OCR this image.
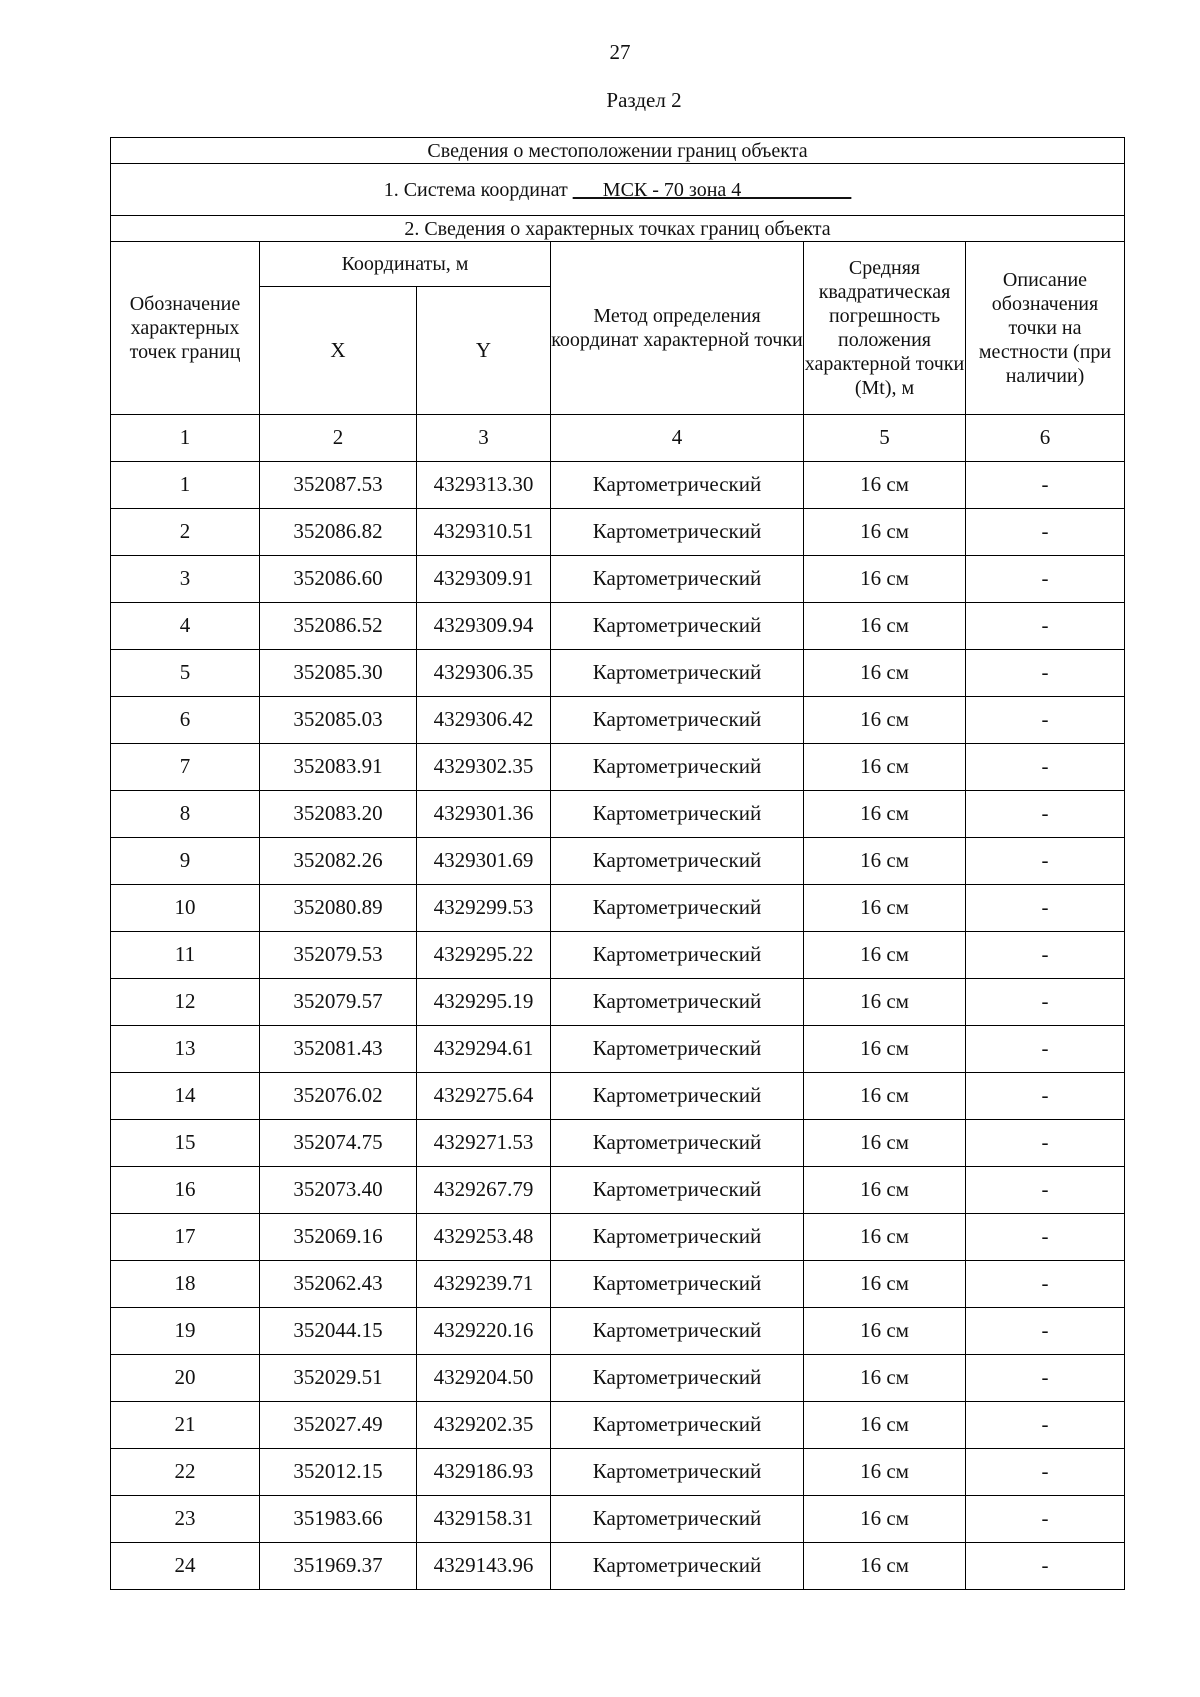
27
Раздел 2
Сведения о местоположении границ объекта					
1. Система координат ___МСК - 70 зона 4___________					
2. Сведения о характерных точках границ объекта					
Обозначение характерных точек границ	Координаты, м		Метод определения координат характерной точки	Средняя квадратическая погрешность положения характерной точки (Mt), м	Описание обозначения точки на местности (при наличии)
	X	Y			
1	2	3	4	5	6
1	352087.53	4329313.30	Картометрический	16 см	-
2	352086.82	4329310.51	Картометрический	16 см	-
3	352086.60	4329309.91	Картометрический	16 см	-
4	352086.52	4329309.94	Картометрический	16 см	-
5	352085.30	4329306.35	Картометрический	16 см	-
6	352085.03	4329306.42	Картометрический	16 см	-
7	352083.91	4329302.35	Картометрический	16 см	-
8	352083.20	4329301.36	Картометрический	16 см	-
9	352082.26	4329301.69	Картометрический	16 см	-
10	352080.89	4329299.53	Картометрический	16 см	-
11	352079.53	4329295.22	Картометрический	16 см	-
12	352079.57	4329295.19	Картометрический	16 см	-
13	352081.43	4329294.61	Картометрический	16 см	-
14	352076.02	4329275.64	Картометрический	16 см	-
15	352074.75	4329271.53	Картометрический	16 см	-
16	352073.40	4329267.79	Картометрический	16 см	-
17	352069.16	4329253.48	Картометрический	16 см	-
18	352062.43	4329239.71	Картометрический	16 см	-
19	352044.15	4329220.16	Картометрический	16 см	-
20	352029.51	4329204.50	Картометрический	16 см	-
21	352027.49	4329202.35	Картометрический	16 см	-
22	352012.15	4329186.93	Картометрический	16 см	-
23	351983.66	4329158.31	Картометрический	16 см	-
24	351969.37	4329143.96	Картометрический	16 см	-
